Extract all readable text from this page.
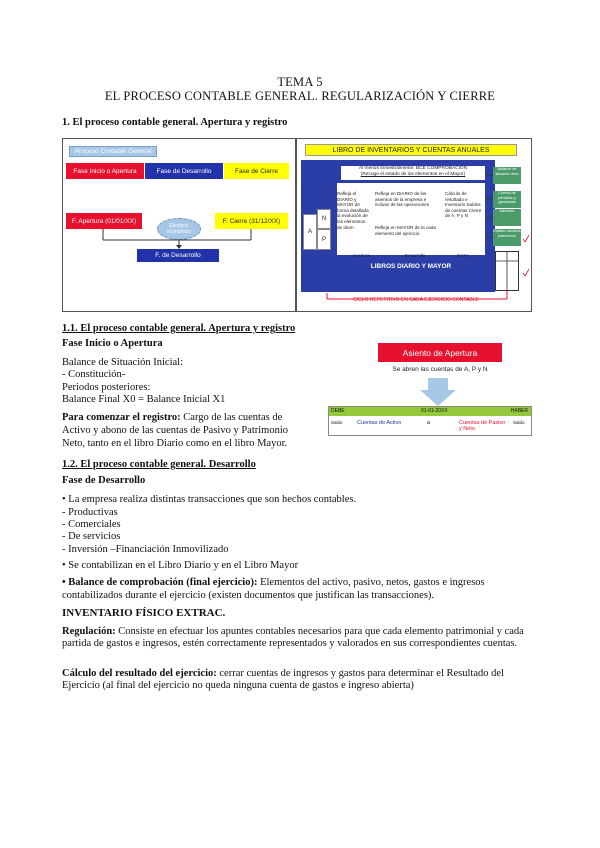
TEMA 5
EL PROCESO CONTABLE GENERAL. REGULARIZACIÓN Y CIERRE
1. El proceso contable general. Apertura y registro
Proceso Contable General
Fase Inicio o Apertura	Fase de Desarrollo	Fase de Cierre
F. Apertura (01/01/XX)	F. Cierre (31/12/XX)
Ejercicio económico
F. de Desarrollo
LIBRO DE INVENTARIOS Y CUENTAS ANUALES
Al menos trimestralmente: BCE COMPROBACIÓN
(Recoge el estado de los elementos en el Mayor)
A
N
P
Refleja el DIARIO y MAYOR de forma detallada la evolución de los elementos de ídem
Refleja en DIARIO de los asientos de la empresa e incluso de las operaciones
Refleja en MAYOR de la cada elemento del ejercicio
Cálculo de resultado e Inventario Saldos de cuentas Cierre de A, P y N
Apertura	Desarrollo	Cierre
LIBROS DIARIO Y MAYOR
Balance de situación final
Cuenta de pérdidas y ganancias
Memoria
Estado cambios patrimonio
CICLO REPETITIVO EN CADA EJERCICIO CONTABLE
1.1. El proceso contable general. Apertura y registro
Fase Inicio o Apertura
Balance de Situación Inicial:
- Constitución-
Periodos posteriores:
Balance Final X0 = Balance Inicial X1
Para comenzar el registro: Cargo de las cuentas de
Activo y abono de las cuentas de Pasivo y Patrimonio
Neto, tanto en el libro Diario como en el libro Mayor.
Asiento de Apertura
Se abren las cuentas de A, P y N
DEBE	01-01-20XX	HABER
Saldo	Cuentas de Activo	a	Cuentas de Pasivo y Neto
Saldo
1.2. El proceso contable general. Desarrollo
Fase de Desarrollo
• La empresa realiza distintas transacciones que son hechos contables.
- Productivas
- Comerciales
- De servicios
- Inversión –Financiación Inmovilizado
• Se contabilizan en el Libro Diario y en el Libro Mayor
• Balance de comprobación (final ejercicio): Elementos del activo, pasivo, netos, gastos e ingresos
contabilizados durante el ejercicio (existen documentos que justifican las transacciones).
INVENTARIO FÍSICO EXTRAC.
Regulación: Consiste en efectuar los apuntes contables necesarios para que cada elemento patrimonial y cada partida de gastos e ingresos, estén correctamente representados y valorados en sus correspondientes cuentas.
Cálculo del resultado del ejercicio: cerrar cuentas de ingresos y gastos para determinar el Resultado del Ejercicio (al final del ejercicio no queda ninguna cuenta de gastos e ingreso abierta)
